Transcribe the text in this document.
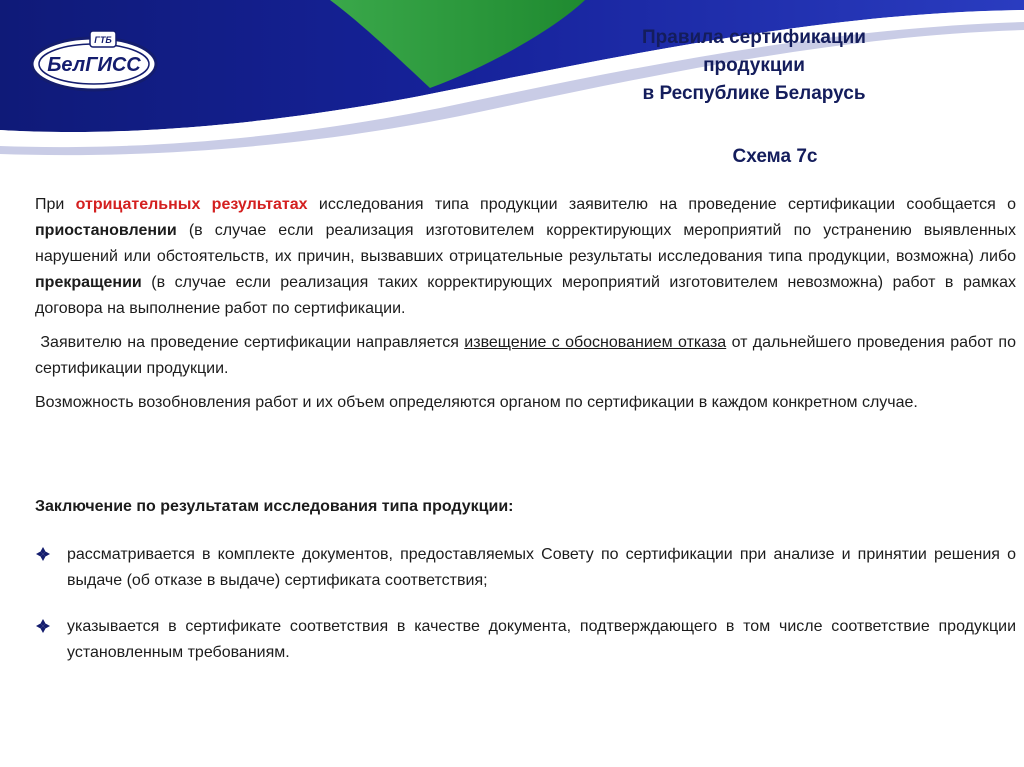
БелГИСС
ГТБ	Правила сертификации
продукции
в Республике Беларусь
Схема 7с

При отрицательных результатах исследования типа продукции заявителю на проведение сертификации сообщается о приостановлении (в случае если реализация изготовителем корректирующих мероприятий по устранению выявленных нарушений или обстоятельств, их причин, вызвавших отрицательные результаты исследования типа продукции, возможна) либо прекращении (в случае если реализация таких корректирующих мероприятий изготовителем невозможна) работ в рамках договора на выполнение работ по сертификации.

Заявителю на проведение сертификации направляется извещение с обоснованием отказа от дальнейшего проведения работ по сертификации продукции.

Возможность возобновления работ и их объем определяются органом по сертификации в каждом конкретном случае.

Заключение по результатам исследования типа продукции:
рассматривается в комплекте документов, предоставляемых Совету по сертификации при анализе и принятии решения о выдаче (об отказе в выдаче) сертификата соответствия;
указывается в сертификате соответствия в качестве документа, подтверждающего в том числе соответствие продукции установленным требованиям.
